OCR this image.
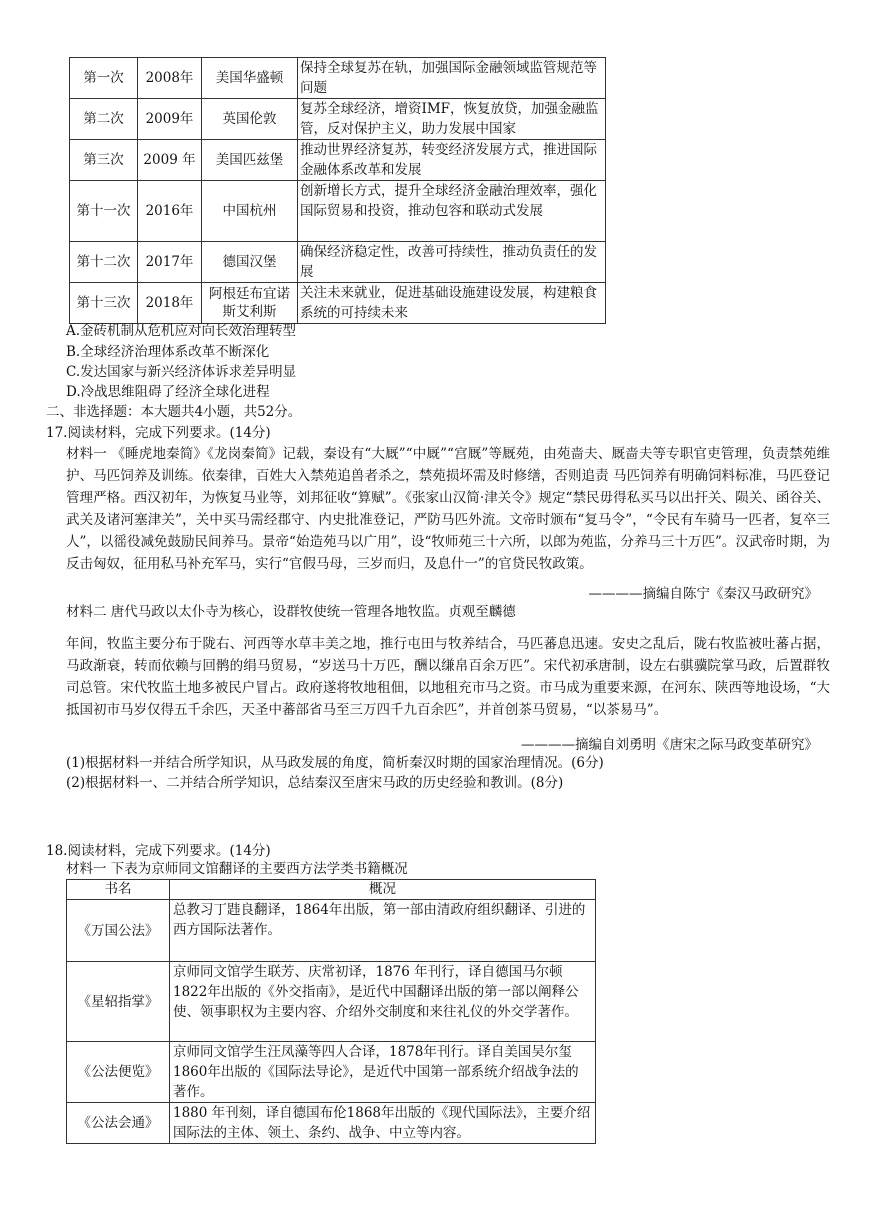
第一次	2008年	美国华盛顿	保持全球复苏在轨，加强国际金融领域监管规范等问题
第二次	2009年	英国伦敦	复苏全球经济，增资IMF，恢复放贷，加强金融监管，反对保护主义，助力发展中国家
第三次	2009 年	美国匹兹堡	推动世界经济复苏，转变经济发展方式，推进国际金融体系改革和发展
第十一次	2016年	中国杭州	创新增长方式，提升全球经济金融治理效率，强化国际贸易和投资，推动包容和联动式发展
第十二次	2017年	德国汉堡	确保经济稳定性，改善可持续性，推动负责任的发展
第十三次	2018年	阿根廷布宜诺斯艾利斯	关注未来就业，促进基础设施建设发展，构建粮食系统的可持续未来
A.金砖机制从危机应对向长效治理转型
B.全球经济治理体系改革不断深化
C.发达国家与新兴经济体诉求差异明显
D.冷战思维阻碍了经济全球化进程
二、非选择题：本大题共4小题，共52分。
17.阅读材料，完成下列要求。(14分)
材料一 《睡虎地秦简》《龙岗秦简》记载，秦设有“大厩”“中厩”“宫厩”等厩苑，由苑啬夫、厩啬夫等专职官吏管理，负责禁苑维护、马匹饲养及训练。依秦律，百姓大入禁苑追兽者杀之，禁苑损坏需及时修缮，否则追责 马匹饲养有明确饲料标准，马匹登记管理严格。西汉初年，为恢复马业等，刘邦征收“算赋”。《张家山汉简·津关令》规定“禁民毋得私买马以出扞关、陨关、函谷关、武关及诸河塞津关”，关中买马需经郡守、内史批准登记，严防马匹外流。文帝时颁布“复马令”，“令民有车骑马一匹者，复卒三人”，以徭役减免鼓励民间养马。景帝“始造苑马以广用”，设“牧师苑三十六所，以郎为苑监，分养马三十万匹”。汉武帝时期，为反击匈奴，征用私马补充军马，实行“官假马母，三岁而归，及息什一”的官贷民牧政策。
————摘编自陈宁《秦汉马政研究》
材料二 唐代马政以太仆寺为核心，设群牧使统一管理各地牧监。贞观至麟德
年间，牧监主要分布于陇右、河西等水草丰美之地，推行屯田与牧养结合，马匹蕃息迅速。安史之乱后，陇右牧监被吐蕃占据，马政渐衰，转而依赖与回鹘的绢马贸易，“岁送马十万匹，酬以缣帛百余万匹”。宋代初承唐制，设左右骐骥院掌马政，后置群牧司总管。宋代牧监土地多被民户冒占。政府遂将牧地租佃，以地租充市马之资。市马成为重要来源，在河东、陕西等地设场，“大抵国初市马岁仅得五千余匹，天圣中蕃部省马至三万四千九百余匹”，并首创茶马贸易，“以茶易马”。
————摘编自刘勇明《唐宋之际马政变革研究》
(1)根据材料一并结合所学知识，从马政发展的角度，简析秦汉时期的国家治理情况。(6分)
(2)根据材料一、二并结合所学知识，总结秦汉至唐宋马政的历史经验和教训。(8分)
18.阅读材料，完成下列要求。(14分)
材料一 下表为京师同文馆翻译的主要西方法学类书籍概况
书名	概况
《万国公法》	总教习丁韪良翻译，1864年出版，第一部由清政府组织翻译、引进的西方国际法著作。
《星轺指掌》	京师同文馆学生联芳、庆常初译，1876 年刊行，译自德国马尔顿1822年出版的《外交指南》，是近代中国翻译出版的第一部以阐释公使、领事职权为主要内容、介绍外交制度和来往礼仪的外交学著作。
《公法便览》	京师同文馆学生汪凤藻等四人合译，1878年刊行。译自美国吴尔玺1860年出版的《国际法导论》，是近代中国第一部系统介绍战争法的著作。
《公法会通》	1880 年刊刻，译自德国布伦1868年出版的《现代国际法》，主要介绍国际法的主体、领土、条约、战争、中立等内容。
